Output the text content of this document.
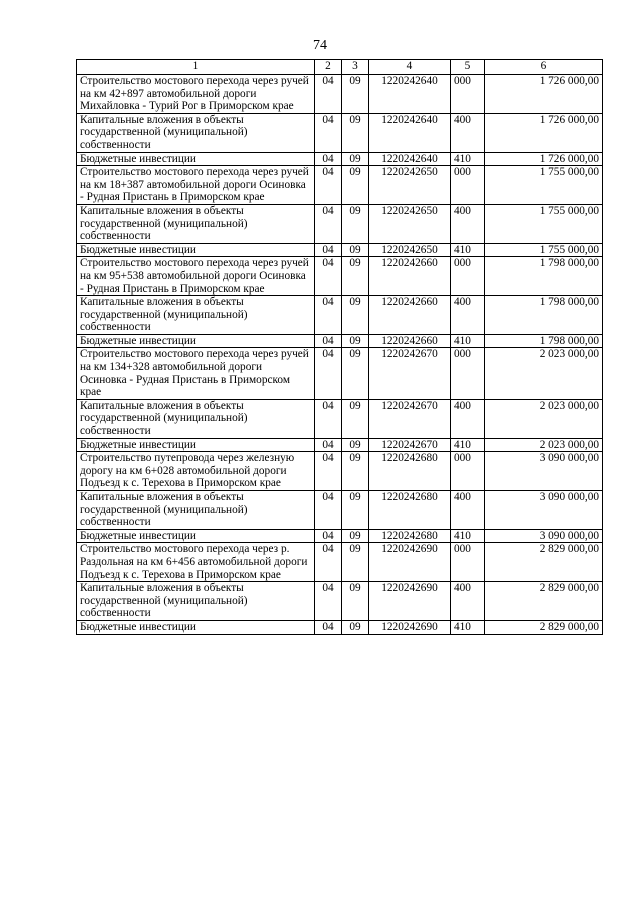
74
1	2	3	4	5	6
Строительство мостового перехода через ручей на км 42+897 автомобильной дороги Михайловка - Турий Рог в Приморском крае	04	09	1220242640	000	1 726 000,00
Капитальные вложения в объекты государственной (муниципальной) собственности	04	09	1220242640	400	1 726 000,00
Бюджетные инвестиции	04	09	1220242640	410	1 726 000,00
Строительство мостового перехода через ручей на км 18+387 автомобильной дороги Осиновка - Рудная Пристань в Приморском крае	04	09	1220242650	000	1 755 000,00
Капитальные вложения в объекты государственной (муниципальной) собственности	04	09	1220242650	400	1 755 000,00
Бюджетные инвестиции	04	09	1220242650	410	1 755 000,00
Строительство мостового перехода через ручей на км 95+538 автомобильной дороги Осиновка - Рудная Пристань в Приморском крае	04	09	1220242660	000	1 798 000,00
Капитальные вложения в объекты государственной (муниципальной) собственности	04	09	1220242660	400	1 798 000,00
Бюджетные инвестиции	04	09	1220242660	410	1 798 000,00
Строительство мостового перехода через ручей на км 134+328 автомобильной дороги Осиновка - Рудная Пристань в Приморском крае	04	09	1220242670	000	2 023 000,00
Капитальные вложения в объекты государственной (муниципальной) собственности	04	09	1220242670	400	2 023 000,00
Бюджетные инвестиции	04	09	1220242670	410	2 023 000,00
Строительство путепровода через железную дорогу на км 6+028 автомобильной дороги Подъезд к с. Терехова в Приморском крае	04	09	1220242680	000	3 090 000,00
Капитальные вложения в объекты государственной (муниципальной) собственности	04	09	1220242680	400	3 090 000,00
Бюджетные инвестиции	04	09	1220242680	410	3 090 000,00
Строительство мостового перехода через р. Раздольная на км 6+456 автомобильной дороги Подъезд к с. Терехова в Приморском крае	04	09	1220242690	000	2 829 000,00
Капитальные вложения в объекты государственной (муниципальной) собственности	04	09	1220242690	400	2 829 000,00
Бюджетные инвестиции	04	09	1220242690	410	2 829 000,00
